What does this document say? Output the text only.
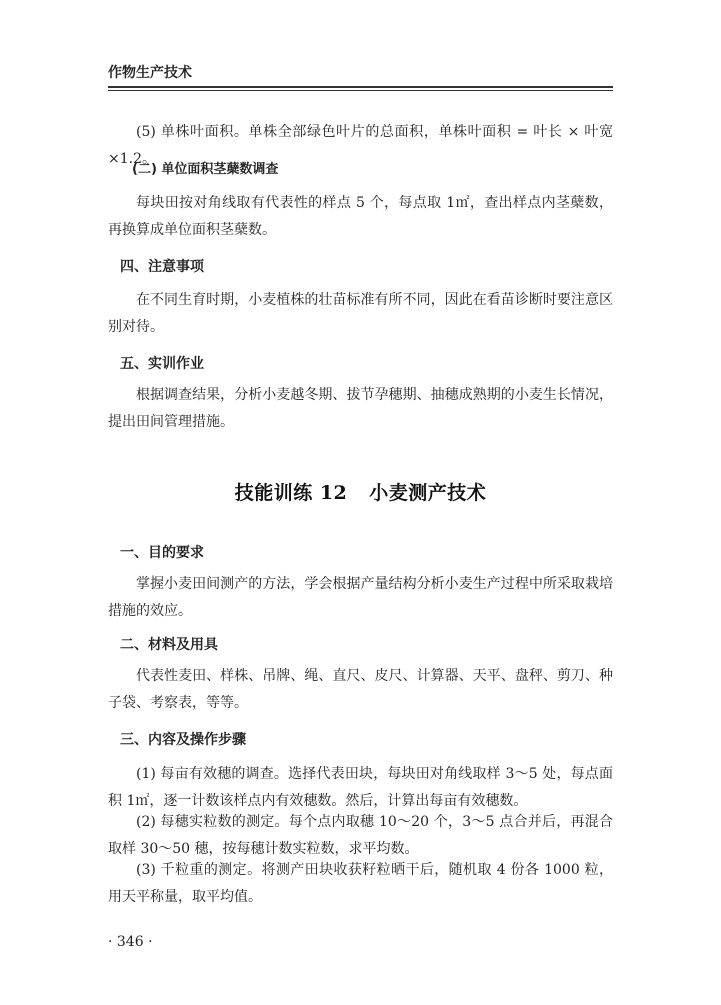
作物生产技术
(5) 单株叶面积。单株全部绿色叶片的总面积，单株叶面积 = 叶长 × 叶宽 ×1.2。
(二) 单位面积茎蘖数调查
每块田按对角线取有代表性的样点 5 个，每点取 1㎡，查出样点内茎蘖数，再换算成单位面积茎蘖数。
四、注意事项
在不同生育时期，小麦植株的壮苗标准有所不同，因此在看苗诊断时要注意区别对待。
五、实训作业
根据调查结果，分析小麦越冬期、拔节孕穗期、抽穗成熟期的小麦生长情况，提出田间管理措施。
技能训练 12 小麦测产技术
一、目的要求
掌握小麦田间测产的方法，学会根据产量结构分析小麦生产过程中所采取栽培措施的效应。
二、材料及用具
代表性麦田、样株、吊牌、绳、直尺、皮尺、计算器、天平、盘秤、剪刀、种子袋、考察表，等等。
三、内容及操作步骤
(1) 每亩有效穗的调查。选择代表田块，每块田对角线取样 3～5 处，每点面积 1㎡，逐一计数该样点内有效穗数。然后，计算出每亩有效穗数。
(2) 每穗实粒数的测定。每个点内取穗 10～20 个，3～5 点合并后，再混合取样 30～50 穗，按每穗计数实粒数，求平均数。
(3) 千粒重的测定。将测产田块收获籽粒晒干后，随机取 4 份各 1000 粒，用天平称量，取平均值。
· 346 ·
